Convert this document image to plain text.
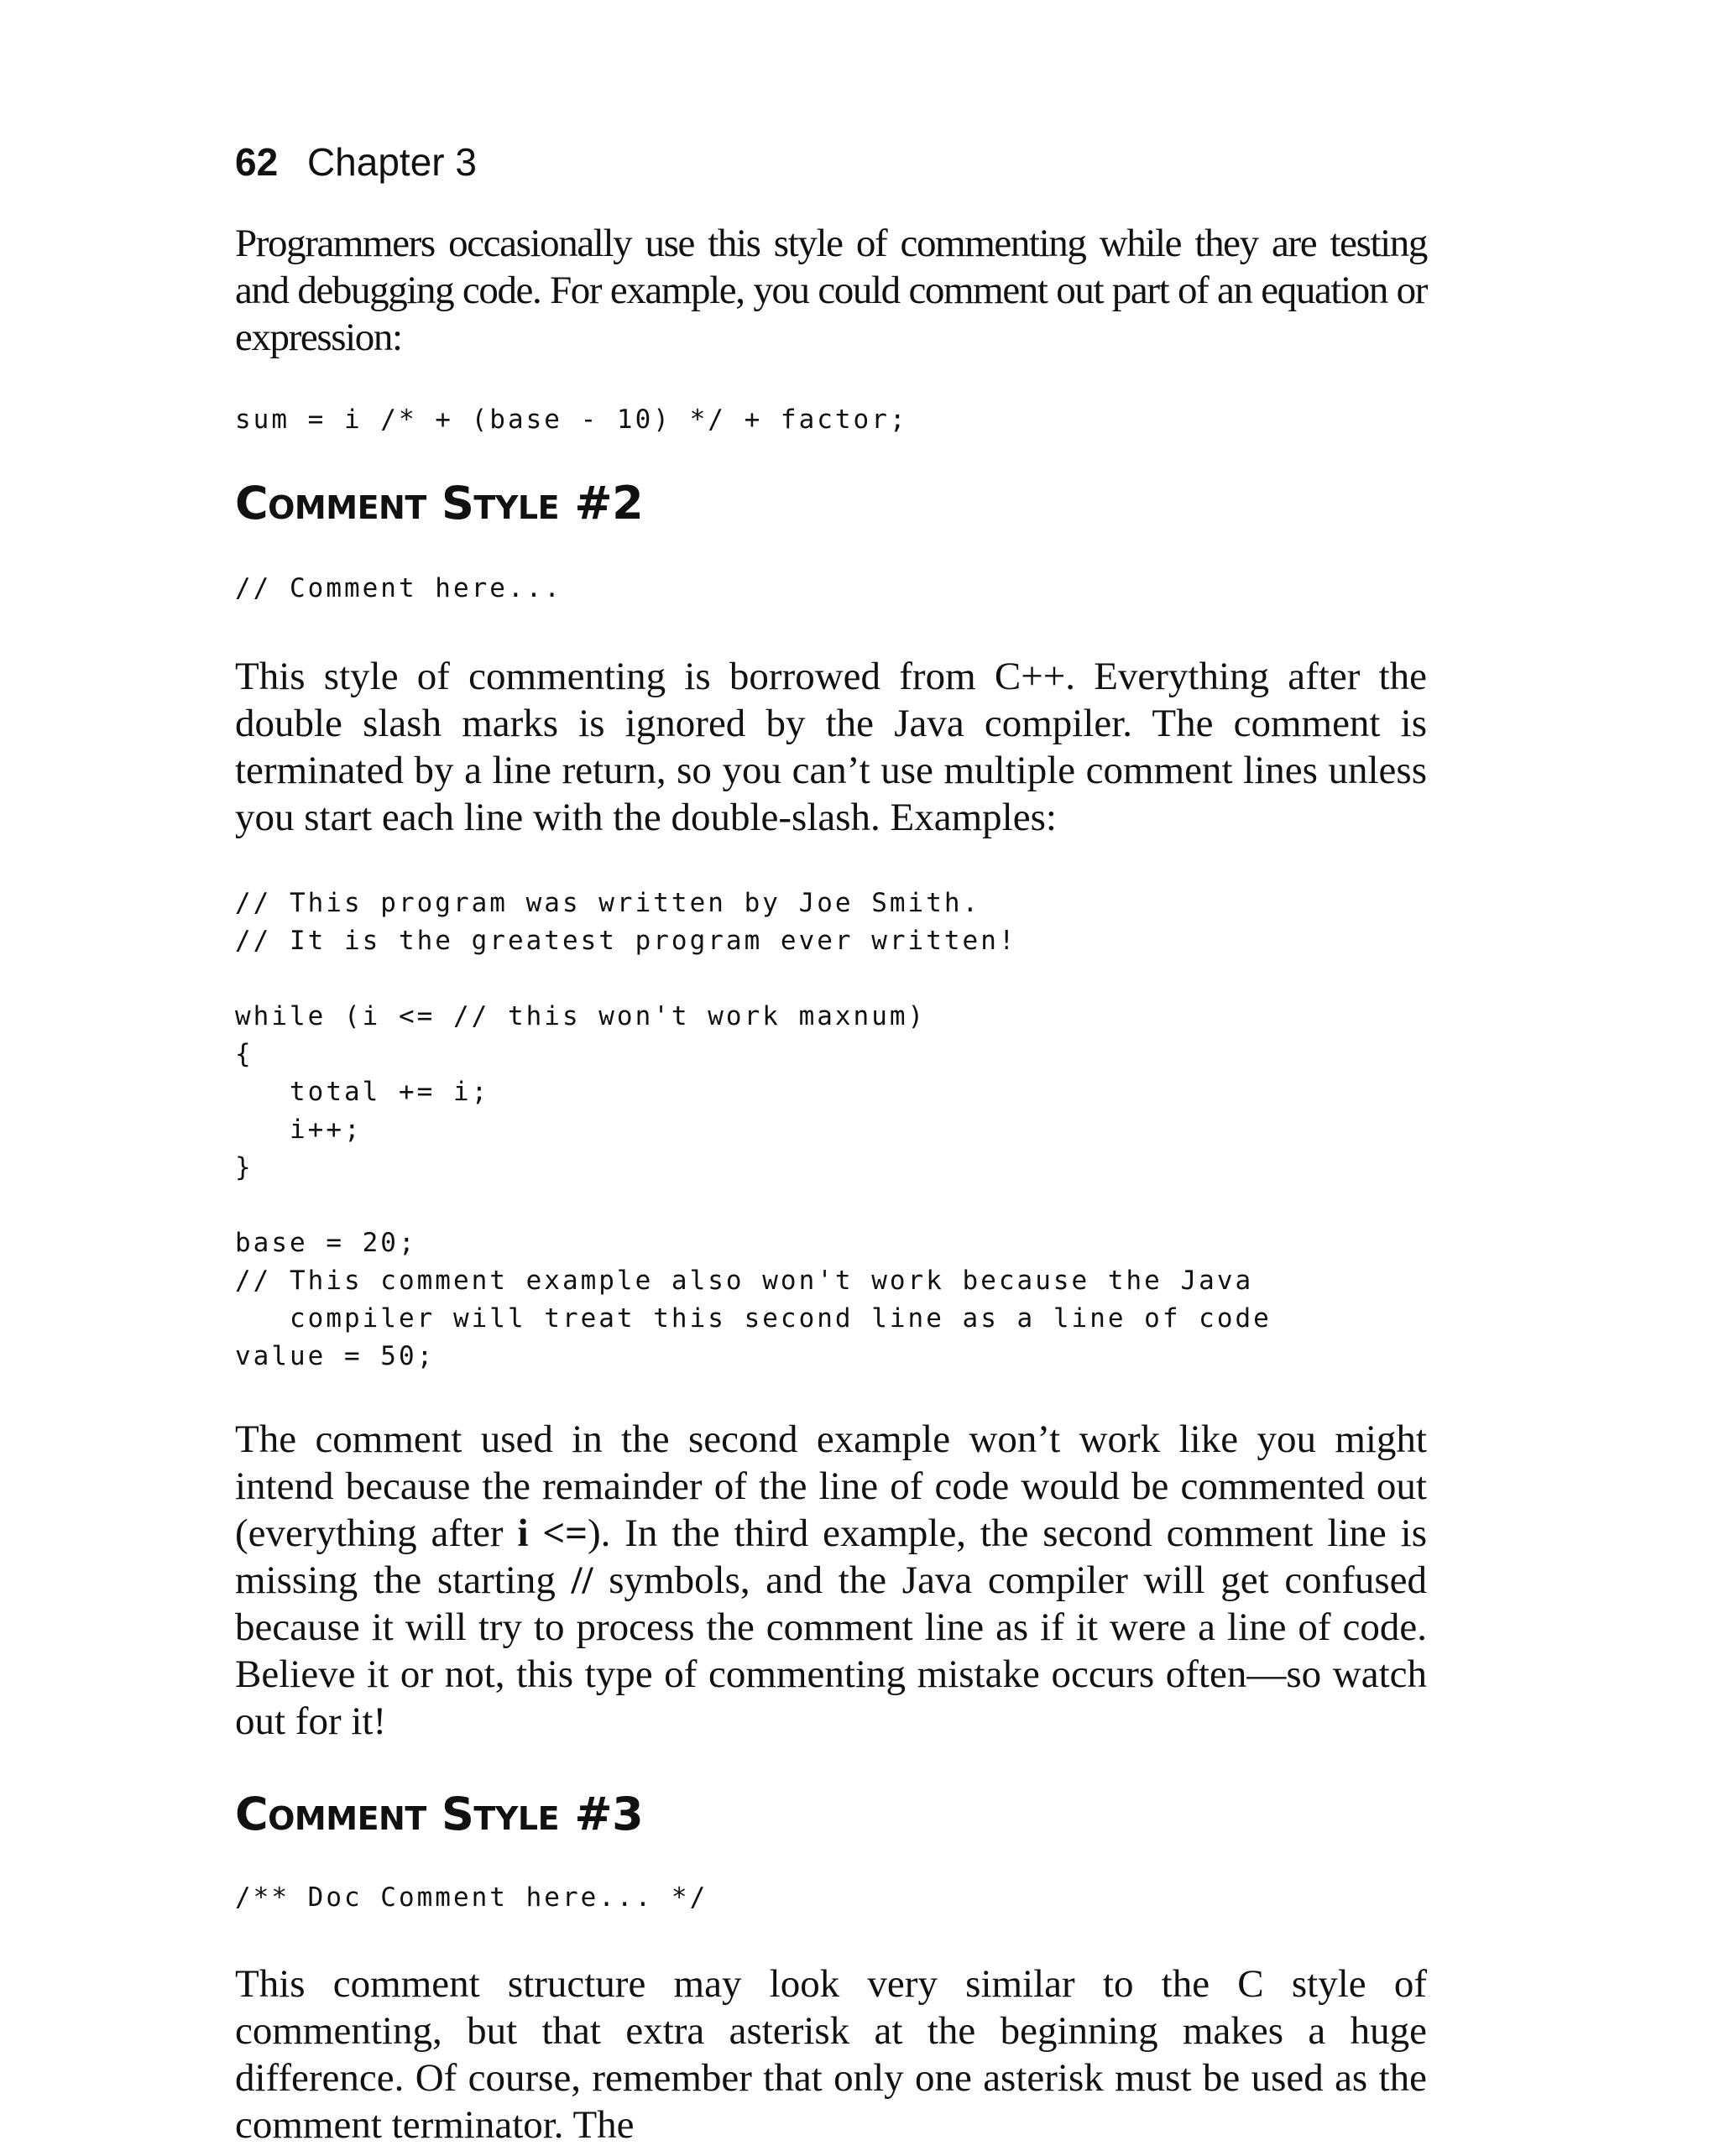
62 Chapter 3

Programmers occasionally use this style of commenting while they are testing and debugging code. For example, you could comment out part of an equation or expression:

sum = i /* + (base - 10) */ + factor;
Comment Style #2
// Comment here...

This style of commenting is borrowed from C++. Everything after the double slash marks is ignored by the Java compiler. The comment is terminated by a line return, so you can’t use multiple comment lines unless you start each line with the double-slash. Examples:

// This program was written by Joe Smith.
// It is the greatest program ever written!
while (i <= // this won't work maxnum)
{
total += i;
i++;
}
base = 20;
// This comment example also won't work because the Java
compiler will treat this second line as a line of code
value = 50;

The comment used in the second example won’t work like you might intend because the remainder of the line of code would be commented out (everything after i <=). In the third example, the second comment line is missing the starting // symbols, and the Java compiler will get confused because it will try to process the comment line as if it were a line of code. Believe it or not, this type of commenting mistake occurs often—so watch out for it!

Comment Style #3
/** Doc Comment here... */

This comment structure may look very similar to the C style of commenting, but that extra asterisk at the beginning makes a huge difference. Of course, remember that only one asterisk must be used as the comment terminator. The
